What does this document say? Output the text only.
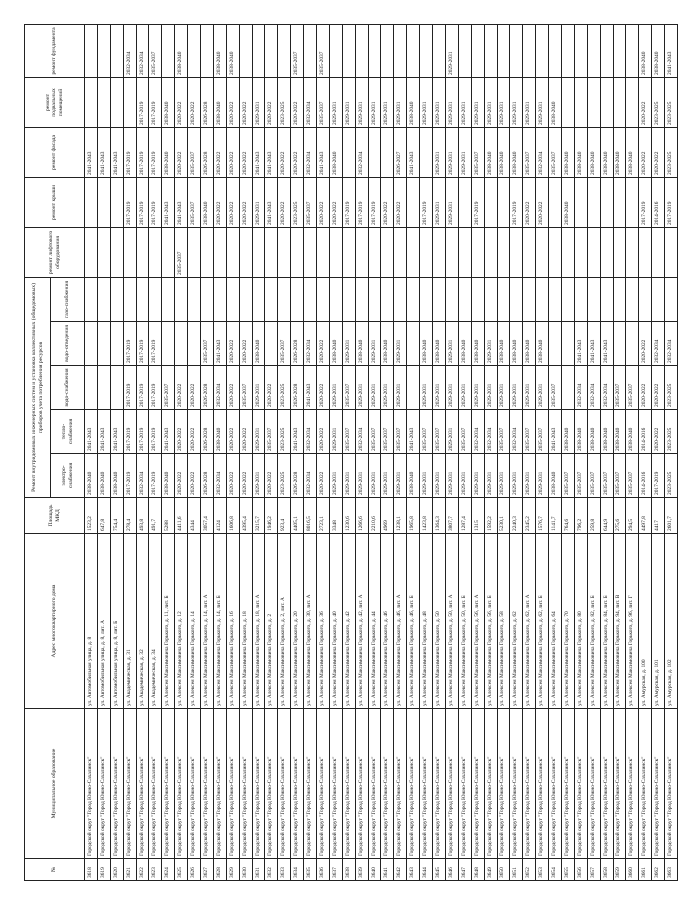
№	Муниципальное образование	Адрес многоквартирного дома	Площадь МКД	Ремонт внутридомовых инженерных систем и установка коллективных (общедомовых) приборов учета потребления ресурсов					ремонт лифтового оборудования	ремонт крыши	ремонт фасада	ремонт подвальных помещений	ремонт фундамента
				электро-снабжения	тепло-снабжения	водо-снабжения	водо-отведения	газо-снабжения					
3618	Городской округ "Город Южно-Сахалинск"	ул. Автомобильная улица, д. 8	1523,2	2038-2040	2041-2043						2041-2043		
3619	Городской округ "Город Южно-Сахалинск"	ул. Автомобильная улица, д. 8, лит. А	647,8	2038-2040	2041-2043						2041-2043		
3620	Городской округ "Город Южно-Сахалинск"	ул. Автомобильная улица, д. 8, лит. Б	754,4	2038-2040	2041-2043						2041-2043		
3621	Городской округ "Город Южно-Сахалинск"	ул. Академическая, д. 31	278,4	2017-2019	2017-2019	2017-2019	2017-2019			2017-2019	2017-2019		2032-2034
3622	Городской округ "Город Южно-Сахалинск"	ул. Академическая, д. 32	493,8	2032-2034	2017-2019	2017-2019	2017-2019			2017-2019	2017-2019	2017-2019	2032-2034
3623	Городской округ "Город Южно-Сахалинск"	ул. Академическая, д. 34	491,7	2017-2019	2017-2019	2017-2019	2017-2019			2017-2019	2017-2019	2017-2019	2035-2037
3624	Городской округ "Город Южно-Сахалинск"	ул. Алексея Максимовича Горького, д. 11, лит. Б	5288	2038-2040	2041-2043	2035-2037				2041-2043	2038-2040	2038-2040	
3625	Городской округ "Город Южно-Сахалинск"	ул. Алексея Максимовича Горького, д. 12	4411,6	2020-2022	2020-2022	2020-2022			2035-2037	2041-2043	2020-2022	2020-2022	2038-2040
3626	Городской округ "Город Южно-Сахалинск"	ул. Алексея Максимовича Горького, д. 14	4344	2020-2022	2020-2022	2020-2022				2035-2037	2035-2037	2020-2022	
3627	Городской округ "Город Южно-Сахалинск"	ул. Алексея Максимовича Горького, д. 14, лит. А	3057,4	2026-2028	2026-2028	2026-2028	2035-2037			2038-2040	2026-2028	2026-2028	
3628	Городской округ "Город Южно-Сахалинск"	ул. Алексея Максимовича Горького, д. 14, лит. Б	4124	2032-2034	2038-2040	2032-2034	2041-2043			2020-2022	2020-2022	2038-2040	2038-2040
3629	Городской округ "Город Южно-Сахалинск"	ул. Алексея Максимовича Горького, д. 16	1606,8	2020-2022	2020-2022	2020-2022	2020-2022			2020-2022	2020-2022	2020-2022	2038-2040
3630	Городской округ "Город Южно-Сахалинск"	ул. Алексея Максимовича Горького, д. 18	4395,4	2020-2022	2020-2022	2035-2037	2020-2022			2020-2022	2020-2022	2020-2022	
3631	Городской округ "Город Южно-Сахалинск"	ул. Алексея Максимовича Горького, д. 18, лит. А	3215,7	2029-2031	2029-2031	2029-2031	2038-2040			2029-2031	2041-2043	2029-2031	
3632	Городской округ "Город Южно-Сахалинск"	ул. Алексея Максимовича Горького, д. 2	1946,2	2020-2022	2035-2037	2020-2022				2041-2043	2041-2043	2020-2022	
3633	Городской округ "Город Южно-Сахалинск"	ул. Алексея Максимовича Горького, д. 2, лит. А	923,4	2023-2025	2023-2025	2023-2025	2035-2037			2020-2022	2020-2022	2023-2025	
3634	Городской округ "Город Южно-Сахалинск"	ул. Алексея Максимовича Горького, д. 20	4405,1	2026-2028	2041-2043	2026-2028	2026-2028			2023-2025	2020-2022	2020-2022	2035-2037
3635	Городской округ "Город Южно-Сахалинск"	ул. Алексея Максимовича Горького, д. 30, лит. А	8016,5	2032-2034	2032-2034	2041-2043	2032-2034			2035-2037	2032-2034	2032-2034	
3636	Городской округ "Город Южно-Сахалинск"	ул. Алексея Максимовича Горького, д. 36	2723,1	2020-2022	2020-2022	2020-2022	2020-2022			2020-2022	2041-2043	2035-2037	2035-2037
3637	Городской округ "Город Южно-Сахалинск"	ул. Алексея Максимовича Горького, д. 40	3348	2029-2031	2029-2031	2029-2031	2038-2040			2020-2022	2038-2040	2029-2031	
3638	Городской округ "Город Южно-Сахалинск"	ул. Алексея Максимовича Горького, д. 42	1230,6	2029-2031	2035-2037	2035-2037	2029-2031			2017-2019		2029-2031	
3639	Городской округ "Город Южно-Сахалинск"	ул. Алексея Максимовича Горького, д. 42, лит. А	1266,6	2029-2031	2032-2034	2029-2031	2038-2040			2017-2019	2032-2034	2029-2031	
3640	Городской округ "Город Южно-Сахалинск"	ул. Алексея Максимовича Горького, д. 44	2210,6	2029-2031	2035-2037	2029-2031	2029-2031			2017-2019		2029-2031	
3641	Городской округ "Город Южно-Сахалинск"	ул. Алексея Максимовича Горького, д. 46	4969	2029-2031	2035-2037	2029-2031	2038-2040			2020-2022		2029-2031	
3642	Городской округ "Город Южно-Сахалинск"	ул. Алексея Максимовича Горького, д. 46, лит. А	1238,1	2029-2031	2035-2037	2029-2031	2029-2031			2020-2022	2026-2027	2029-2031	
3643	Городской округ "Город Южно-Сахалинск"	ул. Алексея Максимовича Горького, д. 46, лит. Б	1965,8	2038-2040	2041-2043						2041-2043	2038-2040	
3644	Городской округ "Город Южно-Сахалинск"	ул. Алексея Максимовича Горького, д. 48	1423,8	2029-2031	2035-2037	2029-2031	2038-2040			2017-2019		2029-2031	
3645	Городской округ "Город Южно-Сахалинск"	ул. Алексея Максимовича Горького, д. 50	1364,3	2029-2031	2035-2037	2029-2031	2038-2040			2029-2031	2029-2031	2029-2031	
3646	Городской округ "Город Южно-Сахалинск"	ул. Алексея Максимовича Горького, д. 50, лит. А	3807,7	2029-2031	2029-2031	2029-2031	2029-2031			2029-2031	2029-2031	2029-2031	2029-2031
3647	Городской округ "Город Южно-Сахалинск"	ул. Алексея Максимовича Горького, д. 50, лит. Б	1287,4	2029-2031	2035-2037	2029-2031	2038-2040				2029-2031	2029-2031	
3648	Городской округ "Город Южно-Сахалинск"	ул. Алексея Максимовича Горького, д. 56, лит. А	1315	2029-2031	2032-2034	2029-2031	2038-2040			2017-2019	2035-2037	2029-2031	
3649	Городской округ "Город Южно-Сахалинск"	ул. Алексея Максимовича Горького, д. 56, лит. Б	1592,2	2029-2031	2032-2034	2029-2031	2029-2031				2038-2040	2029-2031	
3650	Городской округ "Город Южно-Сахалинск"	ул. Алексея Максимовича Горького, д. 58	5230,1	2029-2031	2035-2037	2029-2031	2038-2040				2038-2040	2029-2031	
3651	Городской округ "Город Южно-Сахалинск"	ул. Алексея Максимовича Горького, д. 62	2240,3	2029-2031	2032-2034	2029-2031	2038-2040			2017-2019	2038-2040	2029-2031	
3652	Городской округ "Город Южно-Сахалинск"	ул. Алексея Максимовича Горького, д. 62, лит. А	2345,2	2029-2031	2035-2037	2029-2031	2038-2040			2020-2022	2035-2037	2029-2031	
3653	Городской округ "Город Южно-Сахалинск"	ул. Алексея Максимовича Горького, д. 62, лит. Б	1576,7	2029-2031	2035-2037	2029-2031	2038-2040			2020-2022	2032-2034	2029-2031	
3654	Городской округ "Город Южно-Сахалинск"	ул. Алексея Максимовича Горького, д. 64	1141,7	2038-2040	2041-2043	2035-2037					2035-2037	2038-2040	
3655	Городской округ "Город Южно-Сахалинск"	ул. Алексея Максимовича Горького, д. 70	764,6	2035-2037	2038-2040					2038-2040	2038-2040		
3656	Городской округ "Город Южно-Сахалинск"	ул. Алексея Максимовича Горького, д. 80	796,2	2035-2037	2038-2040	2032-2034	2041-2043				2038-2040		
3657	Городской округ "Город Южно-Сахалинск"	ул. Алексея Максимовича Горького, д. 82, лит. Б	259,8	2035-2037	2038-2040	2032-2034	2041-2043				2038-2040		
3658	Городской округ "Город Южно-Сахалинск"	ул. Алексея Максимовича Горького, д. 84, лит. Б	644,9	2035-2037	2038-2040	2032-2034	2041-2043				2038-2040		
3659	Городской округ "Город Южно-Сахалинск"	ул. Алексея Максимовича Горького, д. 94, лит. В	275,6	2035-2037	2038-2040	2035-2037					2038-2040		
3660	Городской округ "Город Южно-Сахалинск"	ул. Алексея Максимовича Горького, д. 96, лит. Г	294,5	2035-2037	2038-2040	2035-2037					2038-2040		
3661	Городской округ "Город Южно-Сахалинск"	ул. Амурская, д. 100	4497,8	2014-2016	2014-2016	2020-2022	2020-2022			2017-2019	2020-2022	2020-2022	2038-2040
3662	Городской округ "Город Южно-Сахалинск"	ул. Амурская, д. 101	4417	2017-2019	2020-2022	2020-2022	2032-2034			2014-2016	2020-2022	2023-2025	2038-2040
3663	Городской округ "Город Южно-Сахалинск"	ул. Амурская, д. 102	2601,7	2023-2025	2023-2025	2023-2025	2032-2034			2017-2019	2023-2025	2023-2025	2041-2043
